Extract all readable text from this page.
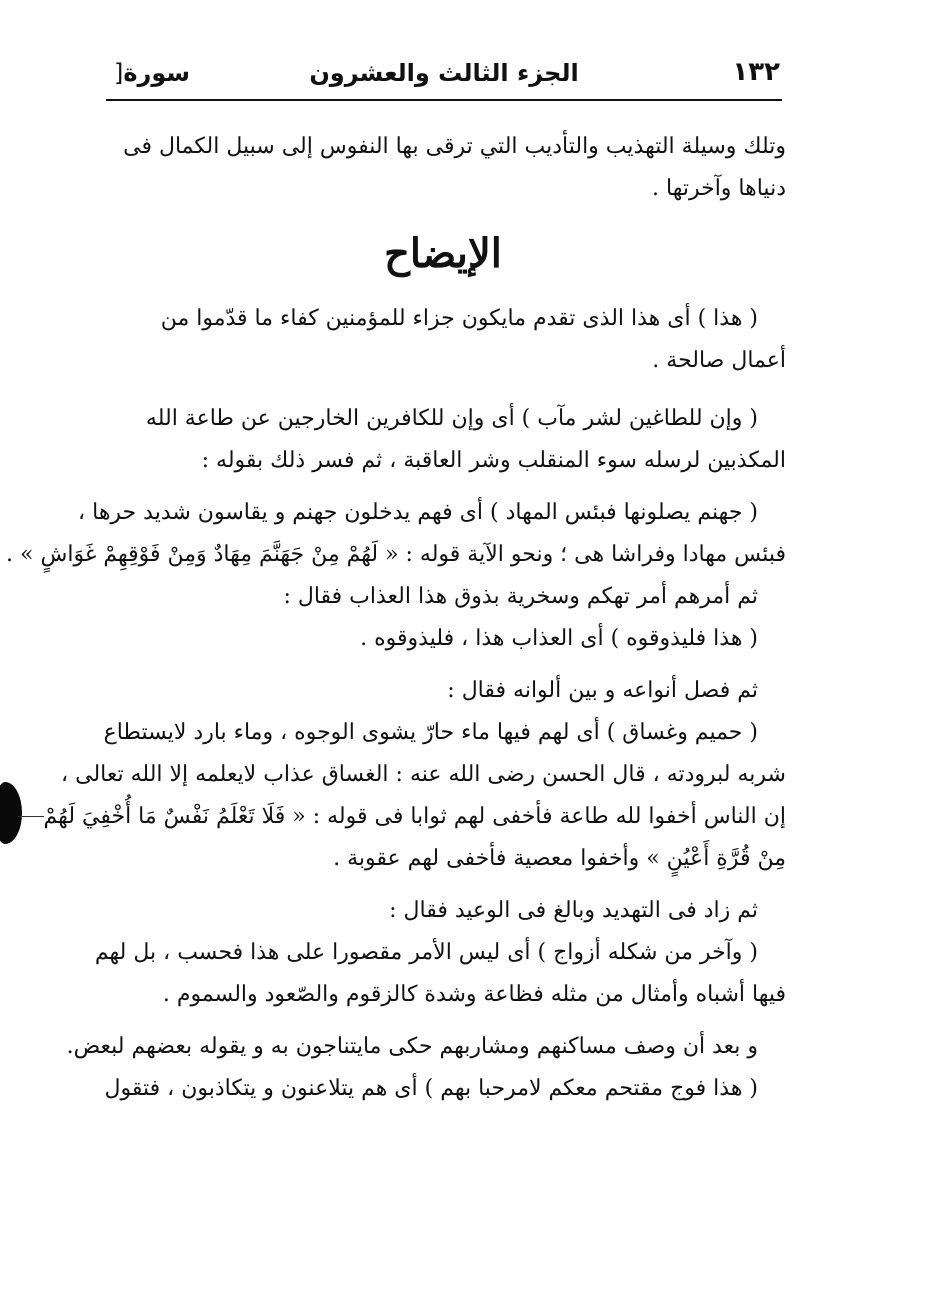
١٣٢
الجزء الثالث والعشرون
سورة[
وتلك وسيلة التهذيب والتأديب التي ترقى بها النفوس إلى سبيل الكمال فى
دنياها وآخرتها .
الإيضاح
( هذا ) أى هذا الذى تقدم مايكون جزاء للمؤمنين كفاء ما قدّموا من
أعمال صالحة .
( وإن للطاغين لشر مآب ) أى وإن للكافرين الخارجين عن طاعة الله
المكذبين لرسله سوء المنقلب وشر العاقبة ، ثم فسر ذلك بقوله :
( جهنم يصلونها فبئس المهاد ) أى فهم يدخلون جهنم و يقاسون شديد حرها ،
فبئس مهادا وفراشا هى ؛ ونحو الآية قوله : « لَهُمْ مِنْ جَهَنَّمَ مِهَادٌ وَمِنْ فَوْقِهِمْ غَوَاشٍ » .
ثم أمرهم أمر تهكم وسخرية بذوق هذا العذاب فقال :
( هذا فليذوقوه ) أى العذاب هذا ، فليذوقوه .
ثم فصل أنواعه و بين ألوانه فقال :
( حميم وغساق ) أى لهم فيها ماء حارّ يشوى الوجوه ، وماء بارد لايستطاع
شربه لبرودته ، قال الحسن رضى الله عنه : الغساق عذاب لايعلمه إلا الله تعالى ،
إن الناس أخفوا لله طاعة فأخفى لهم ثوابا فى قوله : « فَلَا تَعْلَمُ نَفْسٌ مَا أُخْفِيَ لَهُمْ
مِنْ قُرَّةِ أَعْيُنٍ » وأخفوا معصية فأخفى لهم عقوبة .
ثم زاد فى التهديد وبالغ فى الوعيد فقال :
( وآخر من شكله أزواج ) أى ليس الأمر مقصورا على هذا فحسب ، بل لهم
فيها أشباه وأمثال من مثله فظاعة وشدة كالزقوم والصّعود والسموم .
و بعد أن وصف مساكنهم ومشاربهم حكى مايتناجون به و يقوله بعضهم لبعض.
( هذا فوج مقتحم معكم لامرحبا بهم ) أى هم يتلاعنون و يتكاذبون ، فتقول
